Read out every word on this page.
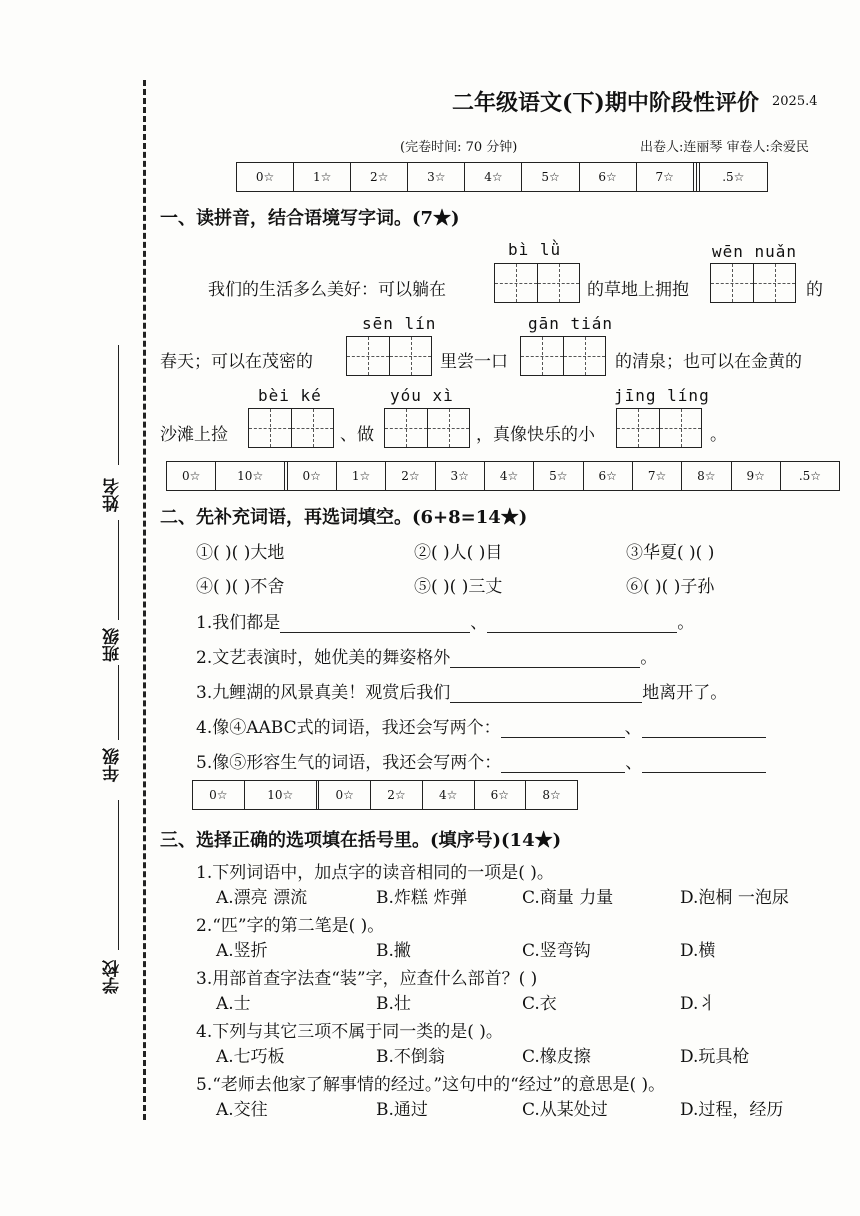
姓名
班级
年级
学校
二年级语文(下)期中阶段性评价 2025.4
(完卷时间: 70 分钟)	出卷人:连丽琴 审卷人:余爱民
0☆	1☆	2☆	3☆	4☆	5☆	6☆	7☆			.5☆
一、读拼音，结合语境写字词。(7★)
bì lǜ	wēn nuǎn
我们的生活多么美好：可以躺在	的草地上拥抱	的
sēn lín	gān tián
春天；可以在茂密的	里尝一口	的清泉；也可以在金黄的
bèi ké	yóu xì	jīng líng
沙滩上捡	、做	，真像快乐的小	。
0☆	10☆		0☆	1☆	2☆	3☆	4☆	5☆	6☆	7☆	8☆	9☆	.5☆
二、先补充词语，再选词填空。(6+8=14★)
①( )( )大地	②( )人( )目	③华夏( )( )
④( )( )不舍	⑤( )( )三丈	⑥( )( )子孙
1.我们都是	、	。
2.文艺表演时，她优美的舞姿格外	。
3.九鲤湖的风景真美！观赏后我们	地离开了。
4.像④AABC式的词语，我还会写两个：	、
5.像⑤形容生气的词语，我还会写两个：	、
0☆	10☆		0☆	2☆	4☆	6☆	8☆
三、选择正确的选项填在括号里。(填序号)(14★)
1.下列词语中，加点字的读音相同的一项是( )。
A.漂亮 漂流	B.炸糕 炸弹	C.商量 力量	D.泡桐 一泡尿
2.“匹”字的第二笔是( )。
A.竖折	B.撇	C.竖弯钩	D.横
3.用部首查字法查“装”字，应查什么部首？( )
A.士	B.壮	C.衣	D.丬
4.下列与其它三项不属于同一类的是( )。
A.七巧板	B.不倒翁	C.橡皮擦	D.玩具枪
5.“老师去他家了解事情的经过。”这句中的“经过”的意思是( )。
A.交往	B.通过	C.从某处过	D.过程，经历
